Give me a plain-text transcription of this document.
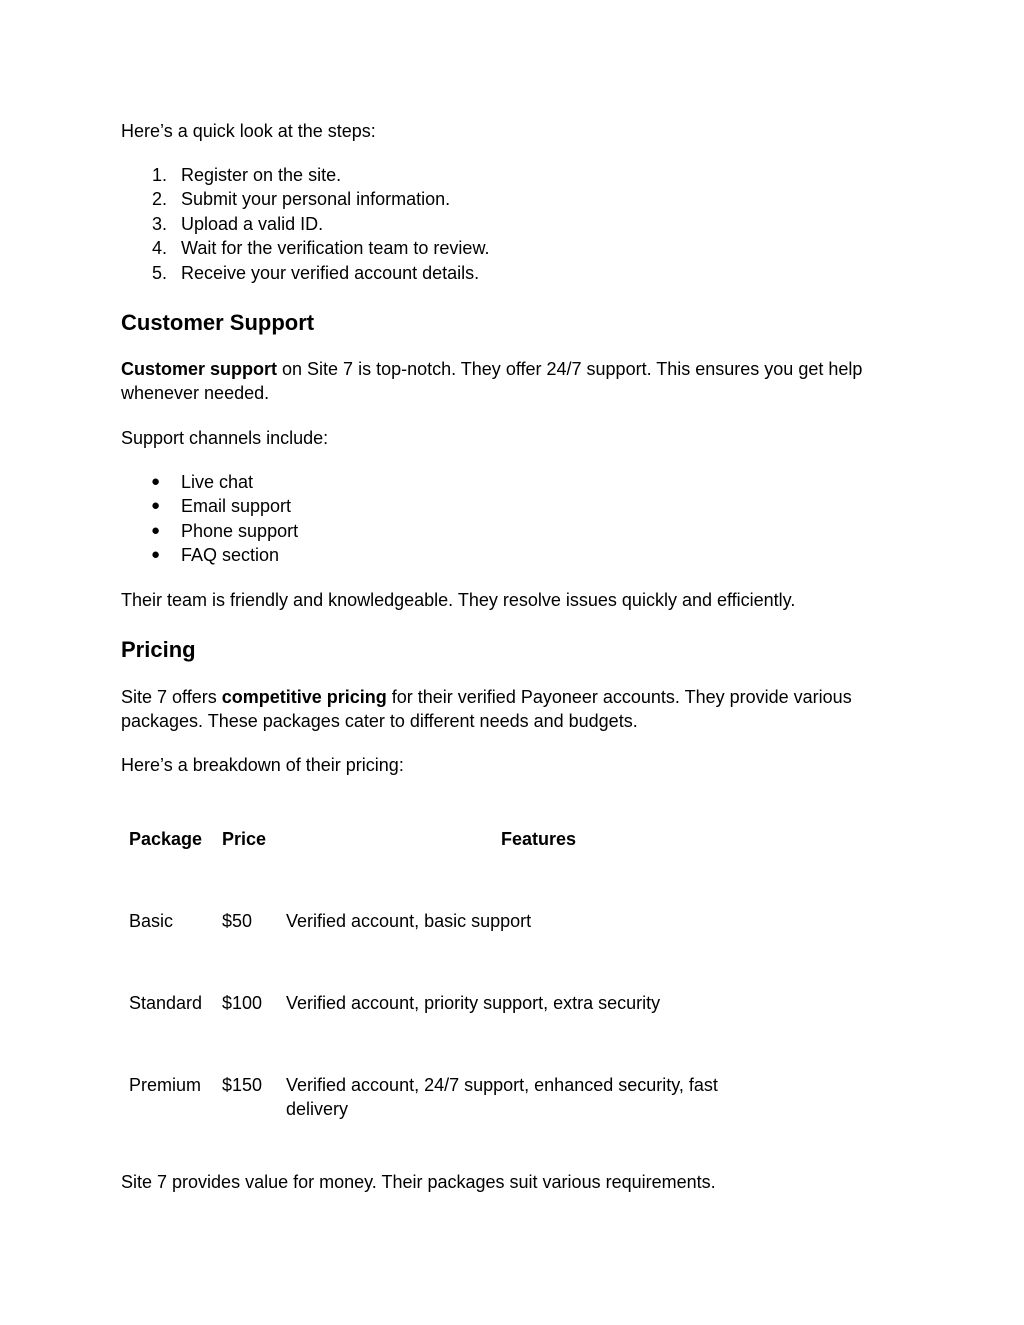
Here’s a quick look at the steps:

1. Register on the site.
2. Submit your personal information.
3. Upload a valid ID.
4. Wait for the verification team to review.
5. Receive your verified account details.
Customer Support

Customer support on Site 7 is top-notch. They offer 24/7 support. This ensures you get help whenever needed.

Support channels include:

● Live chat
● Email support
● Phone support
● FAQ section

Their team is friendly and knowledgeable. They resolve issues quickly and efficiently.

Pricing

Site 7 offers competitive pricing for their verified Payoneer accounts. They provide various packages. These packages cater to different needs and budgets.

Here’s a breakdown of their pricing:

Package Price	Features
Basic	$50 Verified account, basic support
Standard $100 Verified account, priority support, extra security
Premium $150 Verified account, 24/7 support, enhanced security, fast delivery

Site 7 provides value for money. Their packages suit various requirements.
